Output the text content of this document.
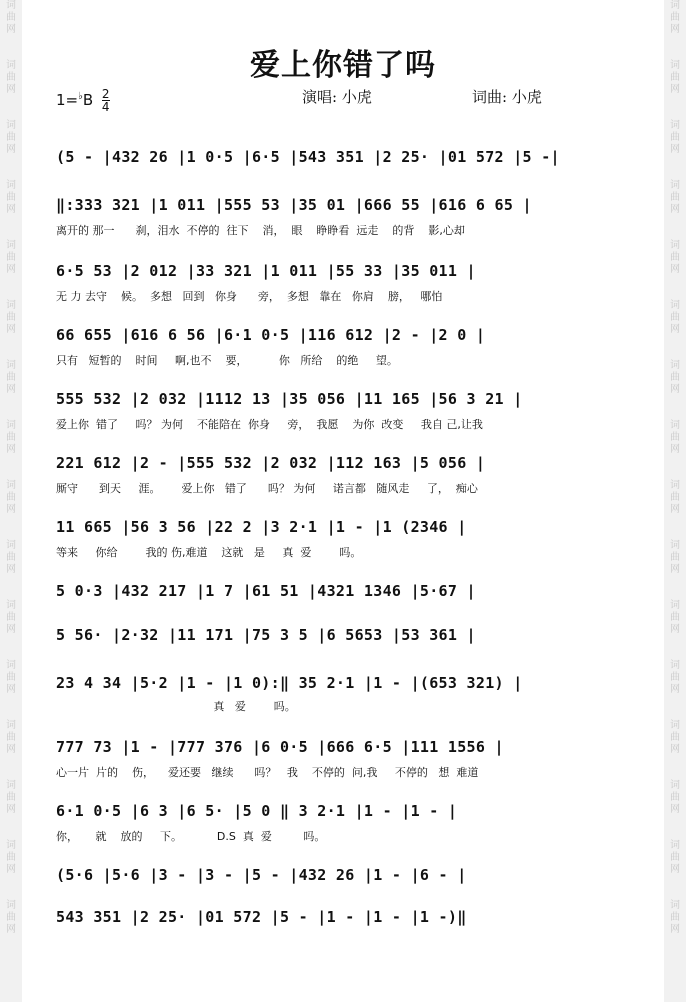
词
曲
网
词
曲
网
词
曲
网
词
曲
网
词
曲
网
词
曲
网
词
曲
网
词
曲
网
词
曲
网
词
曲
网
词
曲
网
词
曲
网
词
曲
网
词
曲
网
词
曲
网
词
曲
网
词
曲
网
词
曲
网
词
曲
网
词
曲
网
词
曲
网
词
曲
网
词
曲
网
词
曲
网
词
曲
网
词
曲
网
词
曲
网
词
曲
网
词
曲
网
词
曲
网
词
曲
网
词
曲
网
爱上你错了吗
$1=^♭B \frac{2}{4}$	演唱: 小虎	词曲: 小虎
(5 - |432 26 |1 0·5 |6·5 |543 351 |2 25· |01 572 |5 -|
‖:333 321 |1 011 |555 53 |35 01 |666 55 |616 6 65 |
离开的 那一      刹，泪水  不停的  往下    消，  眼    睁睁看  远走    的背    影,心却
6·5 53 |2 012 |33 321 |1 011 |55 33 |35 011 |
无 力 去守    候。  多想   回到   你身      旁，  多想   靠在   你肩    膀，   哪怕
66 655 |616 6 56 |6·1 0·5 |116 612 |2 - |2 0 |
只有   短暂的    时间     啊,也不    要，         你   所给    的绝     望。
555 532 |2 032 |1112 13 |35 056 |11 165 |56 3 21 |
爱上你  错了     吗？ 为何    不能陪在  你身     旁，  我愿    为你  改变     我自 己,让我
221 612 |2 - |555 532 |2 032 |112 163 |5 056 |
厮守      到天     涯。      爱上你   错了      吗？ 为何     诺言都   随风走     了，  痴心
11 665 |56 3 56 |22 2 |3 2·1 |1 - |1 (2346 |
等来     你给        我的 伤,难道    这就   是     真  爱        吗。
5 0·3 |432 217 |1 7 |61 51 |4321 1346 |5·67 |
5 56· |2·32 |11 171 |75 3 5 |6 5653 |53 361 |
23 4 34 |5·2 |1 - |1 0):‖ 35 2·1 |1 - |(653 321) |
真   爱        吗。
777 73 |1 - |777 376 |6 0·5 |666 6·5 |111 1556 |
心一片  片的    伤，    爱还要   继续      吗？   我    不停的  问,我     不停的   想  难道
6·1 0·5 |6 3 |6 5· |5 0 ‖ 3 2·1 |1 - |1 - |
你，     就    放的     下。          D.S  真  爱         吗。
(5·6 |5·6 |3 - |3 - |5 - |432 26 |1 - |6 - |
543 351 |2 25· |01 572 |5 - |1 - |1 - |1 -)‖
